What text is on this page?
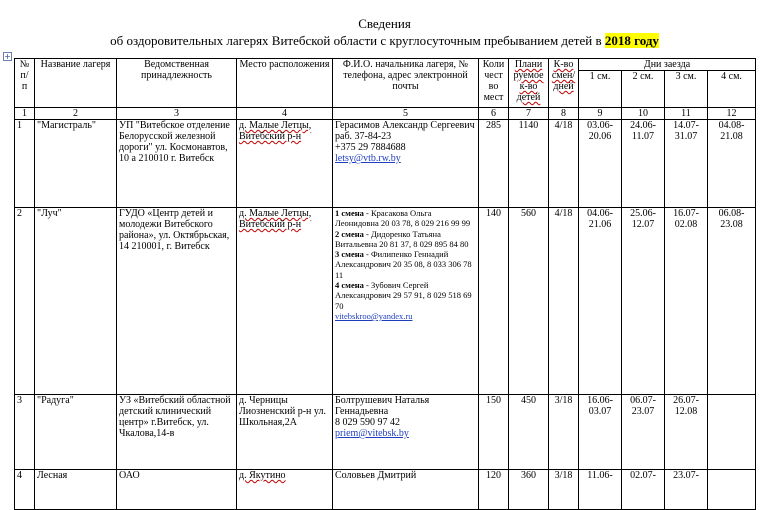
Сведения
об оздоровительных лагерях Витебской области с круглосуточным пребыванием детей в 2018 году
+
№ п/ п	Название лагеря	Ведомственная принадлежность	Место расположения	Ф.И.О. начальника лагеря, № телефона, адрес электронной почты	Коли чест во мест	Плани руемое к-во детей	К-во смен/ дней	Дни заезда			
								1 см.	2 см.	3 см.	4 см.
1	2	3	4	5	6	7	8	9	10	11	12
1	"Магистраль"	УП "Витебское отделение Белорусской железной дороги" ул. Космонавтов, 10 а 210010 г. Витебск	д. Малые Летцы, Витебский р-н	Герасимов Александр Сергеевич
раб. 37-84-23
+375 29 7884688
letsy@vtb.rw.by	285	1140	4/18	03.06-20.06	24.06-11.07	14.07-31.07	04.08-21.08
2	"Луч"	ГУДО «Центр детей и молодежи Витебского района», ул. Октябрьская, 14 210001, г. Витебск	д. Малые Летцы, Витебский р-н	1 смена - Красакова Ольга Леонидовна 20 03 78, 8 029 216 99 99
2 смена - Дидоренко Татьяна Витальевна 20 81 37, 8 029 895 84 80
3 смена - Филипенко Геннадий Александрович 20 35 08, 8 033 306 78 11
4 смена - Зубович Сергей Александрович 29 57 91, 8 029 518 69 70
vitebskroo@yandex.ru	140	560	4/18	04.06-21.06	25.06-12.07	16.07-02.08	06.08-23.08
3	"Радуга"	УЗ «Витебский областной детский клинический центр» г.Витебск, ул. Чкалова,14-в	д. Черницы Лиозненский р-н ул. Школьная,2А	Болтрушевич Наталья Геннадьевна
8 029 590 97 42
priem@vitebsk.by	150	450	3/18	16.06-03.07	06.07-23.07	26.07-12.08	
4	Лесная	ОАО	д. Якутино	Соловьев Дмитрий	120	360	3/18	11.06-	02.07-	23.07-	
